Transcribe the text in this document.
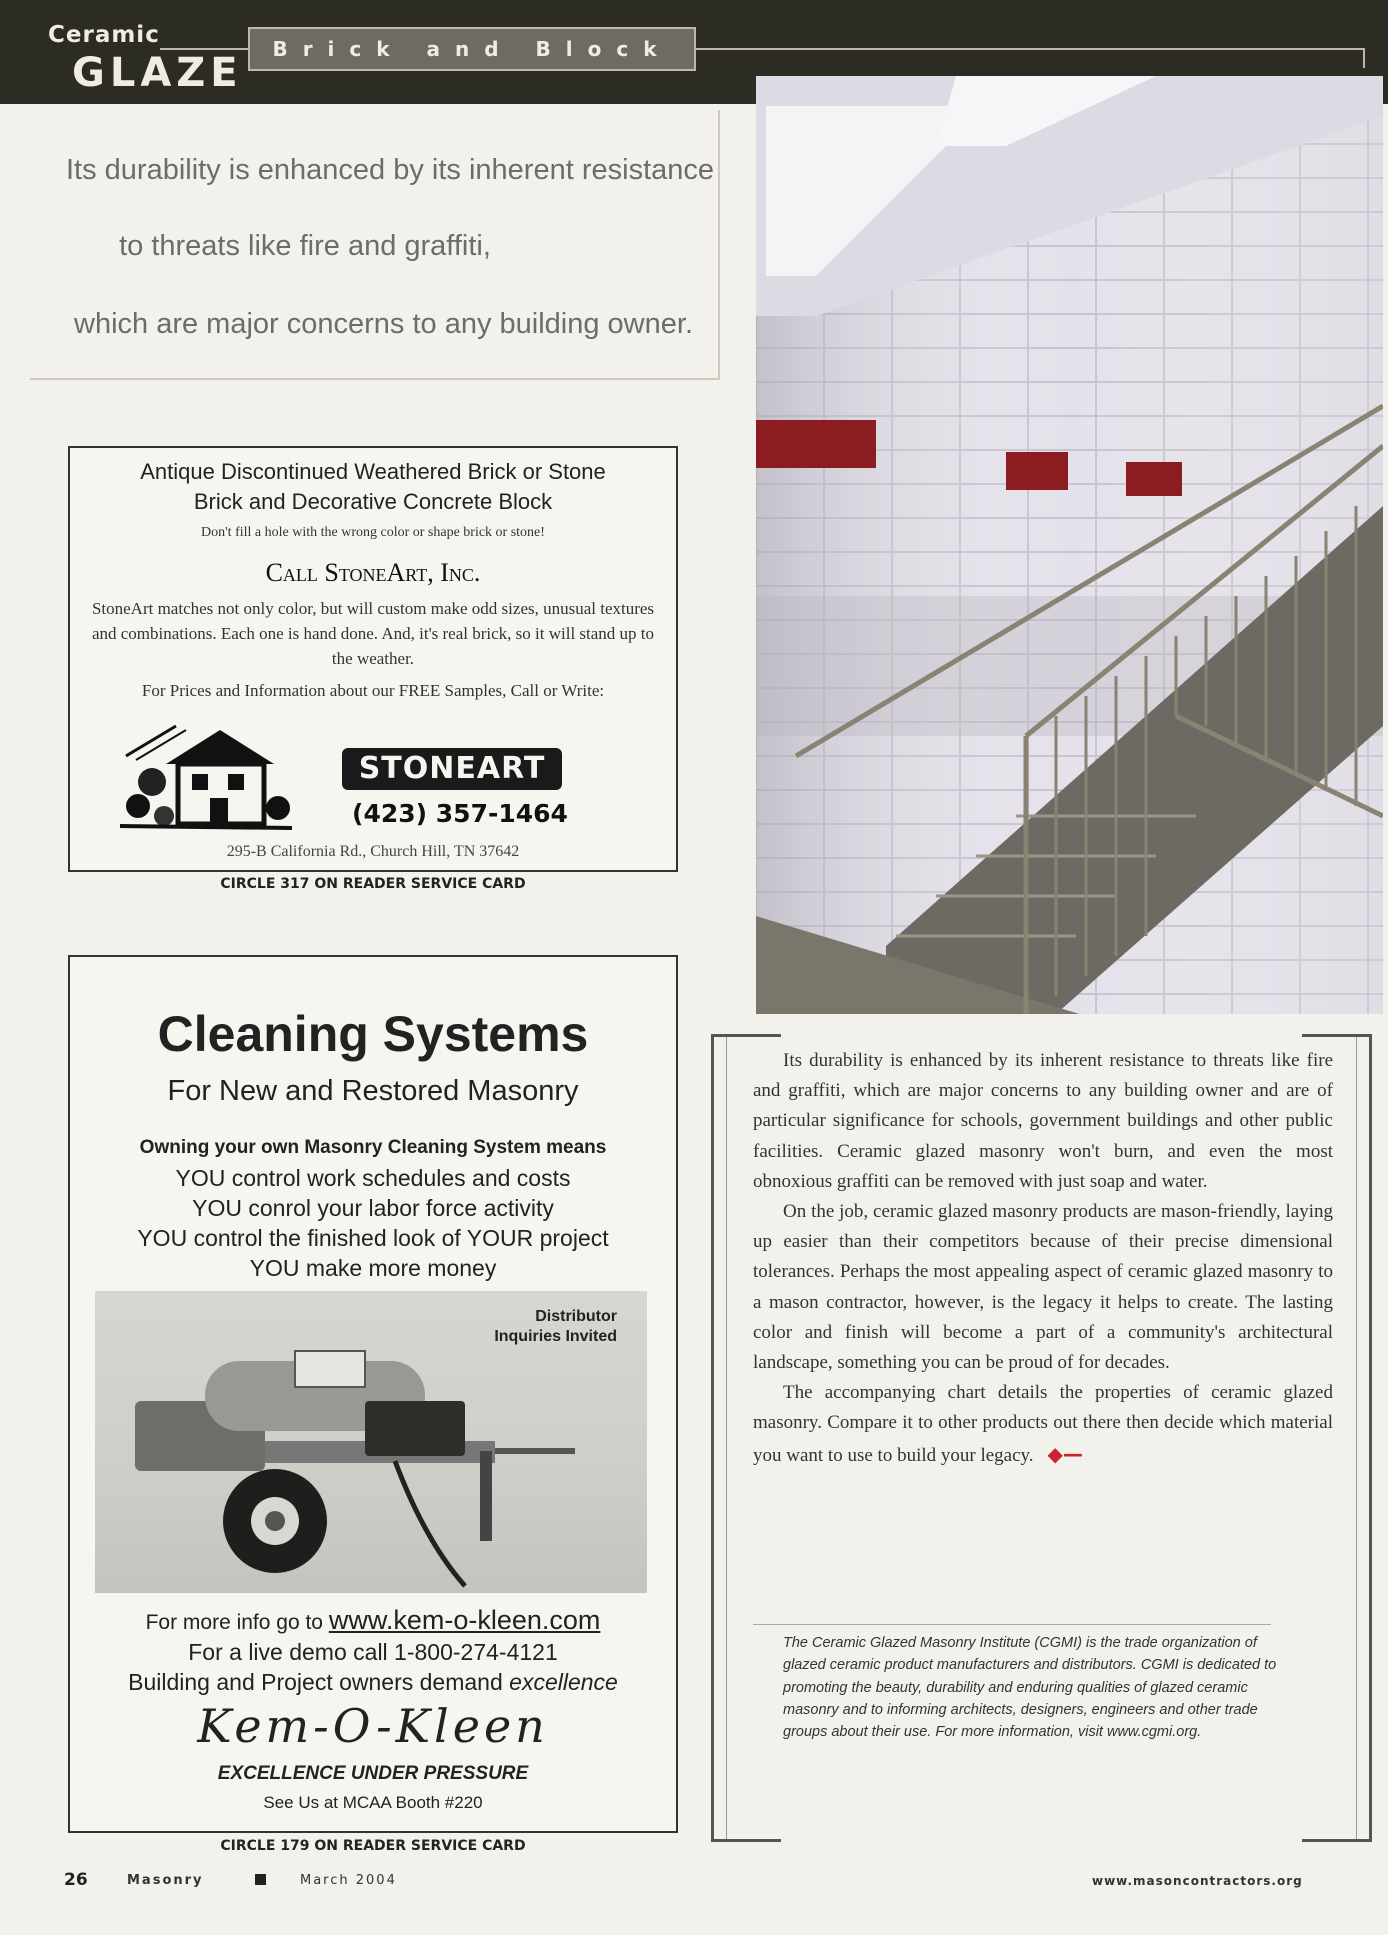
Ceramic
GLAZE
Brick and Block
Its durability is enhanced by its inherent resistance
to threats like fire and graffiti,
which are major concerns to any building owner.
Antique Discontinued Weathered Brick or Stone
Brick and Decorative Concrete Block
Don't fill a hole with the wrong color or shape brick or stone!
Call StoneArt, Inc.
StoneArt matches not only color, but will custom make odd sizes, unusual textures and combinations. Each one is hand done. And, it's real brick, so it will stand up to the weather.
For Prices and Information about our FREE Samples, Call or Write:
STONEART
(423) 357-1464
295-B California Rd., Church Hill, TN 37642
CIRCLE 317 ON READER SERVICE CARD
Cleaning Systems
For New and Restored Masonry
Owning your own Masonry Cleaning System means
YOU control work schedules and costs
YOU conrol your labor force activity
YOU control the finished look of YOUR project
YOU make more money
Distributor Inquiries Invited
For more info go to www.kem-o-kleen.com
For a live demo call 1-800-274-4121
Building and Project owners demand excellence
Kem-O-Kleen
EXCELLENCE UNDER PRESSURE
See Us at MCAA Booth #220
CIRCLE 179 ON READER SERVICE CARD

Its durability is enhanced by its inherent resistance to threats like fire and graffiti, which are major concerns to any building owner and are of particular significance for schools, government buildings and other public facilities. Ceramic glazed masonry won't burn, and even the most obnoxious graffiti can be removed with just soap and water.

On the job, ceramic glazed masonry products are mason-friendly, laying up easier than their competitors because of their precise dimensional tolerances. Perhaps the most appealing aspect of ceramic glazed masonry to a mason contractor, however, is the legacy it helps to create. The lasting color and finish will become a part of a community's architectural landscape, something you can be proud of for decades.

The accompanying chart details the properties of ceramic glazed masonry. Compare it to other products out there then decide which material you want to use to build your legacy. ◆—

The Ceramic Glazed Masonry Institute (CGMI) is the trade organization of glazed ceramic product manufacturers and distributors. CGMI is dedicated to promoting the beauty, durability and enduring qualities of glazed ceramic masonry and to informing architects, designers, engineers and other trade groups about their use. For more information, visit www.cgmi.org.
26	Masonry	March 2004	www.masoncontractors.org
